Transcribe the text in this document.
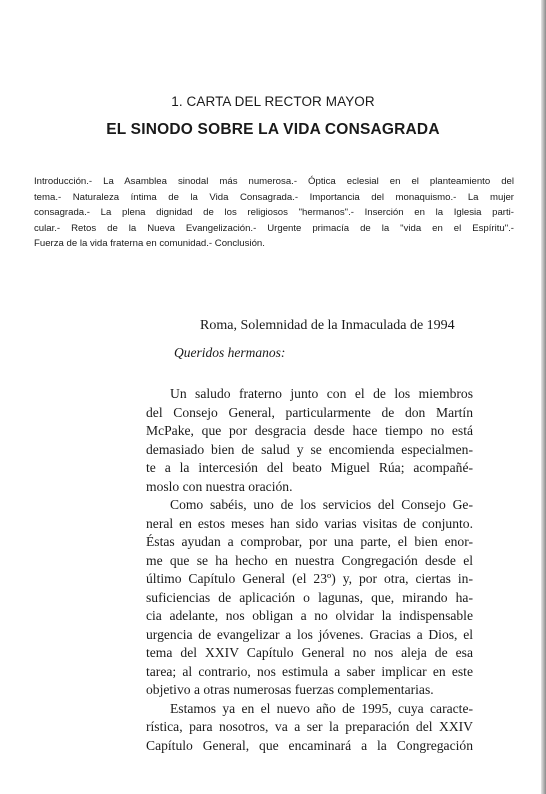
1. CARTA DEL RECTOR MAYOR
EL SINODO SOBRE LA VIDA CONSAGRADA
Introducción.- La Asamblea sinodal más numerosa.- Óptica eclesial en el planteamiento del
tema.- Naturaleza íntima de la Vida Consagrada.- Importancia del monaquismo.- La mujer
consagrada.- La plena dignidad de los religiosos "hermanos".- Inserción en la Iglesia parti-
cular.- Retos de la Nueva Evangelización.- Urgente primacía de la "vida en el Espíritu".-
Fuerza de la vida fraterna en comunidad.- Conclusión.
Roma, Solemnidad de la Inmaculada de 1994
Queridos hermanos:
Un saludo fraterno junto con el de los miembros
del Consejo General, particularmente de don Martín
McPake, que por desgracia desde hace tiempo no está
demasiado bien de salud y se encomienda especialmen-
te a la intercesión del beato Miguel Rúa; acompañé-
moslo con nuestra oración.
Como sabéis, uno de los servicios del Consejo Ge-
neral en estos meses han sido varias visitas de conjunto.
Éstas ayudan a comprobar, por una parte, el bien enor-
me que se ha hecho en nuestra Congregación desde el
último Capítulo General (el 23º) y, por otra, ciertas in-
suficiencias de aplicación o lagunas, que, mirando ha-
cia adelante, nos obligan a no olvidar la indispensable
urgencia de evangelizar a los jóvenes. Gracias a Dios, el
tema del XXIV Capítulo General no nos aleja de esa
tarea; al contrario, nos estimula a saber implicar en este
objetivo a otras numerosas fuerzas complementarias.
Estamos ya en el nuevo año de 1995, cuya caracte-
rística, para nosotros, va a ser la preparación del XXIV
Capítulo General, que encaminará a la Congregación
